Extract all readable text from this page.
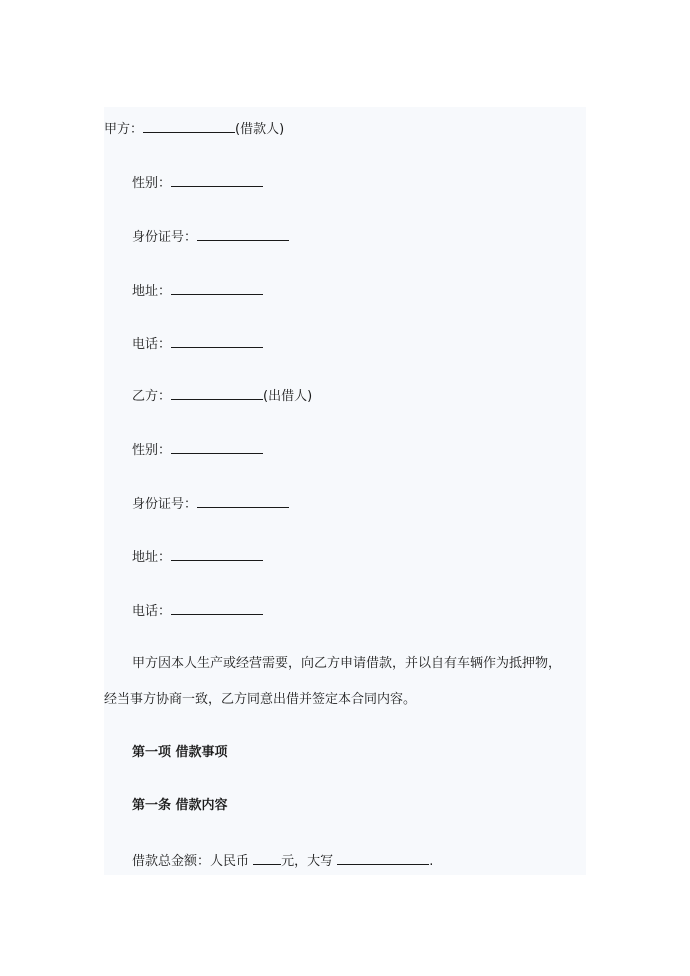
甲方：	(借款人)
性别：
身份证号：
地址：
电话：
乙方：	(出借人)
性别：
身份证号：
地址：
电话：
甲方因本人生产或经营需要，向乙方申请借款，并以自有车辆作为抵押物，
经当事方协商一致，乙方同意出借并签定本合同内容。
第一项 借款事项
第一条 借款内容
借款总金额：人民币 元，大写	.
